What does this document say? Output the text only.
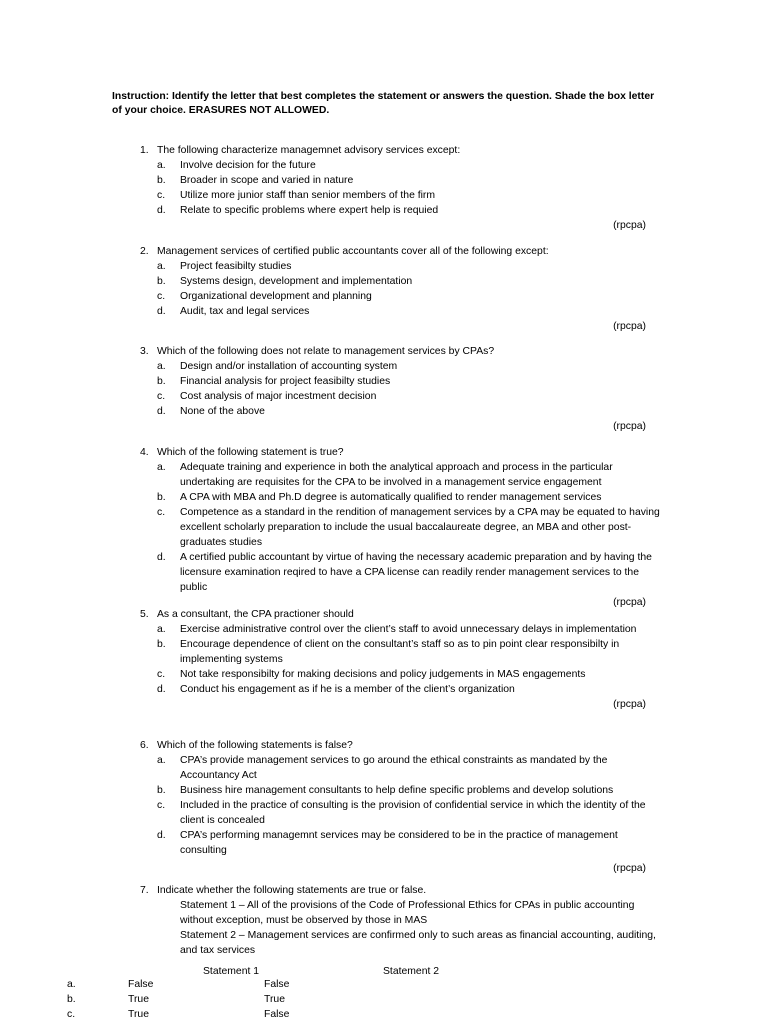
Instruction: Identify the letter that best completes the statement or answers the question. Shade the box letter of your choice. ERASURES NOT ALLOWED.
1. The following characterize managemnet advisory services except:
a.	Involve decision for the future
b.	Broader in scope and varied in nature
c.	Utilize more junior staff than senior members of the firm
d.	Relate to specific problems where expert help is requied
(rpcpa)
2. Management services of certified public accountants cover all of the following except:
a.	Project feasibilty studies
b.	Systems design, development and implementation
c.	Organizational development and planning
d.	Audit, tax and legal services
(rpcpa)
3. Which of the following does not relate to management services by CPAs?
a.	Design and/or installation of accounting system
b.	Financial analysis for project feasibilty studies
c.	Cost analysis of major incestment decision
d.	None of the above
(rpcpa)
4. Which of the following statement is true?
a.	Adequate training and experience in both the analytical approach and process in the particular undertaking are requisites for the CPA to be involved in a management service engagement
b.	A CPA with MBA and Ph.D degree is automatically qualified to render management services
c.	Competence as a standard in the rendition of management services by a CPA may be equated to having excellent scholarly preparation to include the usual baccalaureate degree, an MBA and other post-graduates studies
d.	A certified public accountant by virtue of having the necessary academic preparation and by having the licensure examination reqired to have a CPA license can readily render management services to the public
(rpcpa)
5. As a consultant, the CPA practioner should
a.	Exercise administrative control over the client’s staff to avoid unnecessary delays in implementation
b.	Encourage dependence of client on the consultant’s staff so as to pin point clear responsibilty in implementing systems
c.	Not take responsibilty for making decisions and policy judgements in MAS engagements
d.	Conduct his engagement as if he is a member of the client’s organization
(rpcpa)
6. Which of the following statements is false?
a.	CPA’s provide management services to go around the ethical constraints as mandated by the Accountancy Act
b.	Business hire management consultants to help define specific problems and develop solutions
c.	Included in the practice of consulting is the provision of confidential service in which the identity of the client is concealed
d.	CPA’s performing managemnt services may be considered to be in the practice of management consulting
(rpcpa)
7. Indicate whether the following statements are true or false.
Statement 1 – All of the provisions of the Code of Professional Ethics for CPAs in public accounting without exception, must be observed by those in MAS
Statement 2 – Management services are confirmed only to such areas as financial accounting, auditing, and tax services
Statement 1	Statement 2
a.	False	False
b.	True	True
c.	True	False
